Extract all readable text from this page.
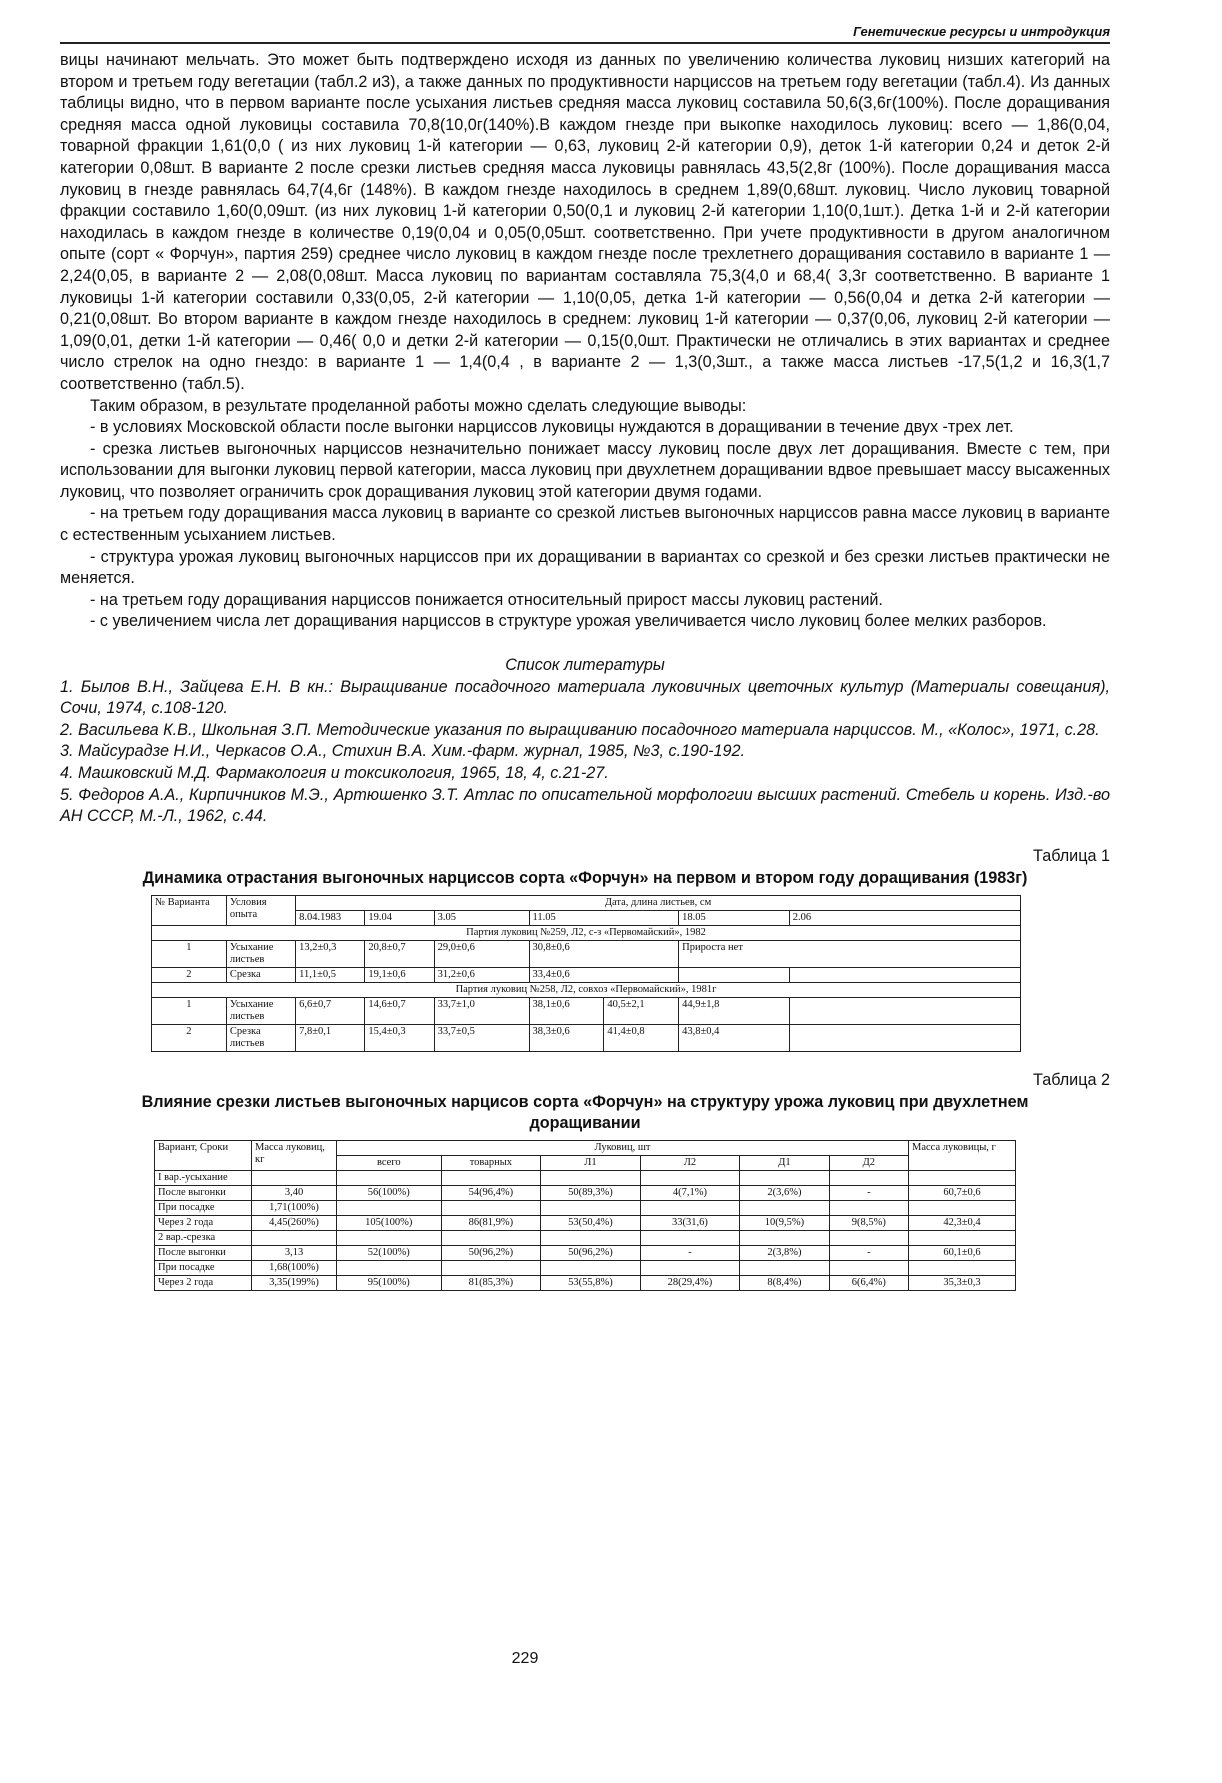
Генетические ресурсы и интродукция

вицы начинают мельчать. Это может быть подтверждено исходя из данных по увеличению количества луковиц низших категорий на втором и третьем году вегетации (табл.2 и3), а также данных по продуктивности нарциссов на третьем году вегетации (табл.4). Из данных таблицы видно, что в первом варианте после усыхания листьев средняя масса луковиц составила 50,6(3,6г(100%). После доращивания средняя масса одной луковицы составила 70,8(10,0г(140%).В каждом гнезде при выкопке находилось луковиц: всего — 1,86(0,04, товарной фракции 1,61(0,0 ( из них луковиц 1-й категории — 0,63, луковиц 2-й категории 0,9), деток 1-й категории 0,24 и деток 2-й категории 0,08шт. В варианте 2 после срезки листьев средняя масса луковицы равнялась 43,5(2,8г (100%). После доращивания масса луковиц в гнезде равнялась 64,7(4,6г (148%). В каждом гнезде находилось в среднем 1,89(0,68шт. луковиц. Число луковиц товарной фракции составило 1,60(0,09шт. (из них луковиц 1-й категории 0,50(0,1 и луковиц 2-й категории 1,10(0,1шт.). Детка 1-й и 2-й категории находилась в каждом гнезде в количестве 0,19(0,04 и 0,05(0,05шт. соответственно. При учете продуктивности в другом аналогичном опыте (сорт « Форчун», партия 259) среднее число луковиц в каждом гнезде после трехлетнего доращивания составило в варианте 1 — 2,24(0,05, в варианте 2 — 2,08(0,08шт. Масса луковиц по вариантам составляла 75,3(4,0 и 68,4( 3,3г соответственно. В варианте 1 луковицы 1-й категории составили 0,33(0,05, 2-й категории — 1,10(0,05, детка 1-й категории — 0,56(0,04 и детка 2-й категории — 0,21(0,08шт. Во втором варианте в каждом гнезде находилось в среднем: луковиц 1-й категории — 0,37(0,06, луковиц 2-й категории — 1,09(0,01, детки 1-й категории — 0,46( 0,0 и детки 2-й категории — 0,15(0,0шт. Практически не отличались в этих вариантах и среднее число стрелок на одно гнездо: в варианте 1 — 1,4(0,4 , в варианте 2 — 1,3(0,3шт., а также масса листьев -17,5(1,2 и 16,3(1,7 соответственно (табл.5).

Таким образом, в результате проделанной работы можно сделать следующие выводы:

- в условиях Московской области после выгонки нарциссов луковицы нуждаются в доращивании в течение двух -трех лет.

- срезка листьев выгоночных нарциссов незначительно понижает массу луковиц после двух лет доращивания. Вместе с тем, при использовании для выгонки луковиц первой категории, масса луковиц при двухлетнем доращивании вдвое превышает массу высаженных луковиц, что позволяет ограничить срок доращивания луковиц этой категории двумя годами.

- на третьем году доращивания масса луковиц в варианте со срезкой листьев выгоночных нарциссов равна массе луковиц в варианте с естественным усыханием листьев.

- структура урожая луковиц выгоночных нарциссов при их доращивании в вариантах со срезкой и без срезки листьев практически не меняется.

- на третьем году доращивания нарциссов понижается относительный прирост массы луковиц растений.

- с увеличением числа лет доращивания нарциссов в структуре урожая увеличивается число луковиц более мелких разборов.

Список литературы

1. Былов В.Н., Зайцева Е.Н. В кн.: Выращивание посадочного материала луковичных цветочных культур (Материалы совещания), Сочи, 1974, с.108-120.

2. Васильева К.В., Школьная З.П. Методические указания по выращиванию посадочного материала нарциссов. М., «Колос», 1971, с.28.

3. Майсурадзе Н.И., Черкасов О.А., Стихин В.А. Хим.-фарм. журнал, 1985, №3, с.190-192.

4. Машковский М.Д. Фармакология и токсикология, 1965, 18, 4, с.21-27.

5. Федоров А.А., Кирпичников М.Э., Артюшенко З.Т. Атлас по описательной морфологии высших растений. Стебель и корень. Изд.-во АН СССР, М.-Л., 1962, с.44.

Таблица 1
Динамика отрастания выгоночных нарциссов сорта «Форчун» на первом и втором году доращивания (1983г)
№ Варианта	Условия опыта	Дата, длина листьев, см						
		8.04.1983	19.04	3.05	11.05		18.05	2.06
Партия луковиц №259, Л2, с-з «Первомайский», 1982								
1	Усыхание листьев	13,2±0,3	20,8±0,7	29,0±0,6	30,8±0,6		Прироста нет	
2	Срезка	11,1±0,5	19,1±0,6	31,2±0,6	33,4±0,6			
Партия луковиц №258, Л2, совхоз «Первомайский», 1981г								
1	Усыхание листьев	6,6±0,7	14,6±0,7	33,7±1,0	38,1±0,6	40,5±2,1	44,9±1,8	
2	Срезка листьев	7,8±0,1	15,4±0,3	33,7±0,5	38,3±0,6	41,4±0,8	43,8±0,4	
Таблица 2
Влияние срезки листьев выгоночных нарцисов сорта «Форчун» на структуру урожа луковиц при двухлетнем доращивании
Вариант, Сроки	Масса луковиц, кг	Луковиц, шт						Масса луковицы, г
		всего	товарных	Л1	Л2	Д1	Д2	
I вар.-усыхание								
После выгонки	3,40	56(100%)	54(96,4%)	50(89,3%)	4(7,1%)	2(3,6%)	-	60,7±0,6
При посадке	1,71(100%)							
Через 2 года	4,45(260%)	105(100%)	86(81,9%)	53(50,4%)	33(31,6)	10(9,5%)	9(8,5%)	42,3±0,4
2 вар.-срезка								
После выгонки	3,13	52(100%)	50(96,2%)	50(96,2%)	-	2(3,8%)	-	60,1±0,6
При посадке	1,68(100%)							
Через 2 года	3,35(199%)	95(100%)	81(85,3%)	53(55,8%)	28(29,4%)	8(8,4%)	6(6,4%)	35,3±0,3
229
